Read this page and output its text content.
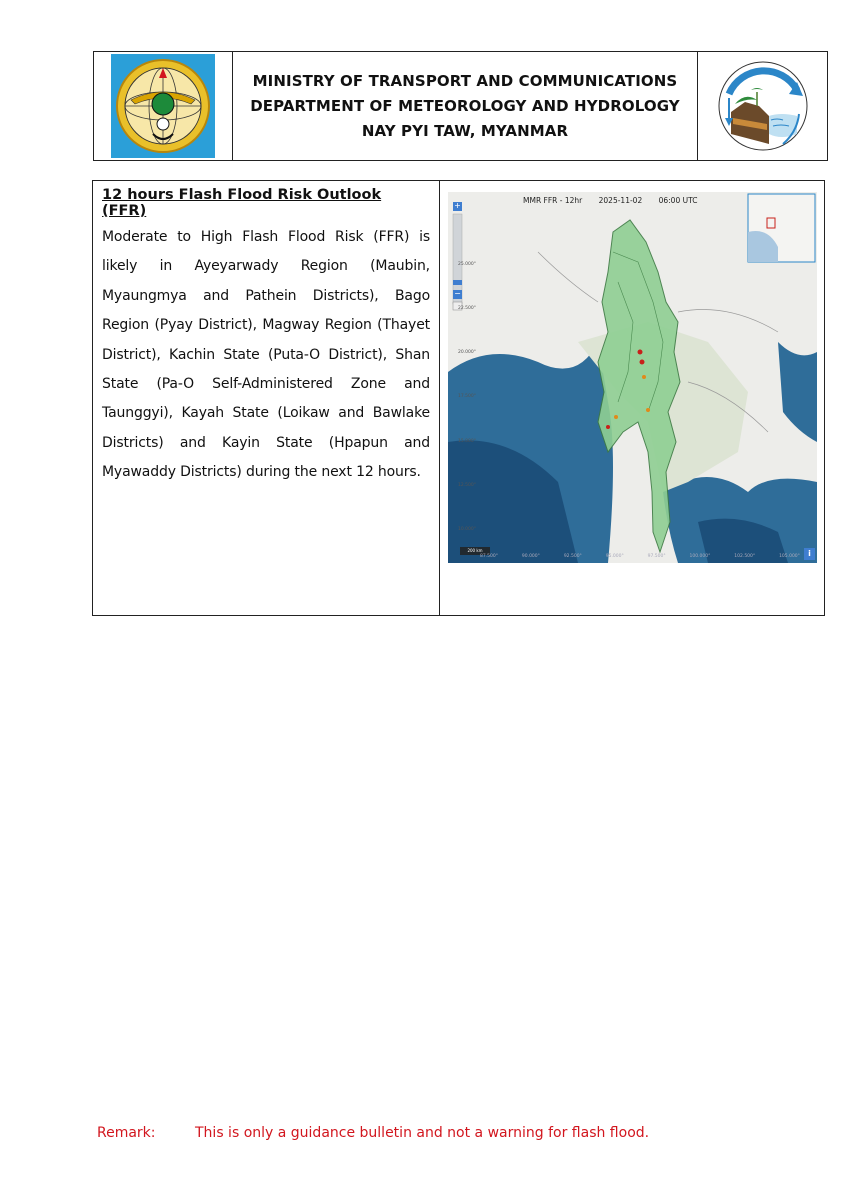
MINISTRY OF TRANSPORT AND COMMUNICATIONS
DEPARTMENT OF METEOROLOGY AND HYDROLOGY
NAY PYI TAW, MYANMAR
12 hours Flash Flood Risk Outlook (FFR)

Moderate to High Flash Flood Risk (FFR) is likely in Ayeyarwady Region (Maubin, Myaungmya and Pathein Districts), Bago Region (Pyay District), Magway Region (Thayet District), Kachin State (Puta-O District), Shan State (Pa-O Self-Administered Zone and Taunggyi), Kayah State (Loikaw and Bawlake Districts) and Kayin State (Hpapun and Myawaddy Districts) during the next 12 hours.

MMR FFR - 12hr 2025-11-02 06:00 UTC
+
−
i
200 km
25.000°
22.500°
20.000°
17.500°
15.000°
12.500°
10.000°
87.500°	90.000°	92.500°	95.000°	97.500°	100.000°	102.500°	105.000°
Remark:	This is only a guidance bulletin and not a warning for flash flood.
